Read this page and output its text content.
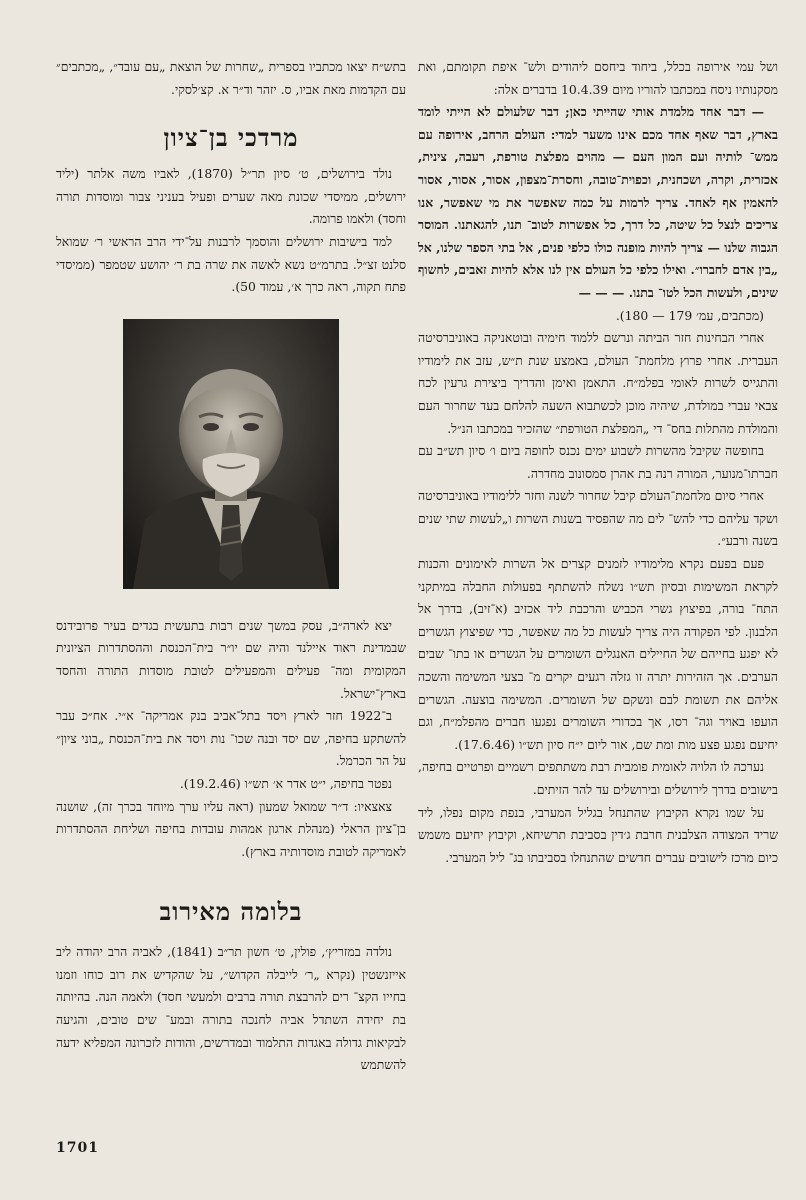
ושל עמי אירופה בכלל, ביחוד ביחסם ליהודים ולש־ איפת תקומתם, ואת מסקנותיו ניסח במכתבו להוריו מיום 10.4.39 בדברים אלה:

— דבר אחד מלמדת אותי שהייתי כאן; דבר שלעולם לא הייתי לומד בארץ, דבר שאף אחד מכם אינו משער למדי: העולם הרחב, אירופה עם ממש־ לותיה ועם המון העם — מהוים מפלצת טורפת, רעבה, צינית, אכזרית, וקרה, ושכחנית, וכפוית־טובה, וחסרת־מצפון, אסור, אסור, אסור להאמין אף לאחד. צריך לרמות על כמה שאפשר את מי שאפשר, אנו צריכים לנצל כל שיטה, כל דרך, כל אפשרות לטוב־ תנו, להגאתנו. המוסר הגבוה שלנו — צריך להיות מופנה כולו כלפי פנים, אל בתי הספר שלנו, אל „בין אדם לחברו״. ואילו כלפי כל העולם אין לנו אלא להיות זאבים, לחשוף שינים, ולעשות הכל לטו־ בתנו. — — —

(מכתבים, עמ׳ 179 — 180).

אחרי הבחינות חזר הביתה ונרשם ללמוד חימיה ובוטאניקה באוניברסיטה העברית. אחרי פרוץ מלחמת־ העולם, באמצע שנת ת״ש, עזב את לימודיו והתגייס לשרות לאומי בפלמ״ח. התאמן ואימן והדריך ביצירת גרעין לכח צבאי עברי במולדת, שיהיה מוכן לכשתבוא השעה להלחם בעד שחרור העם והמולדת מהתלות בחס־ די „המפלצת הטורפת״ שהזכיר במכתבו הנ״ל.

בחופשה שקיבל מהשרות לשבוע ימים נכנס לחופה ביום ו׳ סיון תש״ב עם חברתו־מנוער, המורה רנה בת אהרן סמסונוב מחדרה.

אחרי סיום מלחמת־העולם קיבל שחרור לשנה וחזר ללימודיו באוניברסיטה ושקד עליהם כדי להש־ לים מה שהפסיד בשנות השרות ו„לעשות שתי שנים בשנה ורבע״.

פעם בפעם נקרא מלימודיו לזמנים קצרים אל השרות לאימונים והכנות לקראת המשימות ובסיון תש״ו נשלח להשתתף בפעולות החבלה במיתקני התח־ בורה, בפיצוץ גשרי הכביש והרכבת ליד אכזיב (א־זיב), בדרך אל הלבנון. לפי הפקודה היה צריך לעשות כל מה שאפשר, כדי שפיצוץ הגשרים לא יפגע בחייהם של החיילים האנגלים השומרים על הגשרים או בתו־ שבים הערבים. אך הזהירות יתרה זו גזלה רגעים יקרים מ־ בצעי המשימה והשכה אליהם את תשומת לבם ונשקם של השומרים. המשימה בוצעה. הגשרים הועפו באויר וגה־ רסו, אך בכדורי השומרים נפגעו חברים מהפלמ״ח, וגם יחיעם נפגע פצע מות ומת שם, אור ליום י״ח סיון תש״ו (17.6.46).

נערכה לו הלויה לאומית פומבית רבת משתתפים רשמיים ופרטיים בחיפה, בישובים בדרך לירושלים ובירושלים עד להר הזיתים.

על שמו נקרא הקיבוץ שהתנחל בגליל המערבי, בנפת מקום נפלו, ליד שריד המצודה הצלבנית חרבת ג׳דין בסביבת תרשיחא, וקיבוץ יחיעם משמש כיום מרכז לישובים עברים חדשים שהתנחלו בסביבתו בג־ ליל המערבי.

בתש״ח יצאו מכתביו בספרית „שחרות של הוצאת „עם עובד״, „מכתבים״ עם הקדמות מאת אביו, ס. יזהר וד״ר א. קצ׳לסקי.

מרדכי בן־ציון

נולד בירושלים, ט׳ סיון תר״ל (1870), לאביו משה אלתר (יליד ירושלים, ממיסדי שכונת מאה שערים ופעיל בעניני צבור ומוסדות תורה וחסד) ולאמו פרומה.

למד בישיבות ירושלים והוסמך לרבנות על־ידי הרב הראשי ר׳ שמואל סלנט זצ״ל. בתרמ״ט נשא לאשה את שרה בת ר׳ יהושע שטמפר (ממיסדי פתח תקוה, ראה כרך א׳, עמוד 50).

יצא לארה״ב, עסק במשך שנים רבות בתעשית בגדים בעיר פרובידנס שבמדינת ראוד איילנד והיה שם יו״ר בית־הכנסת וההסתדרות הציונית המקומית ומה־ פעילים והמפעילים לטובת מוסדות התורה והחסד בארץ־ישראל.

ב־1922 חזר לארץ ויסד בתל־אביב בנק אמריקה־ א״י. אח״כ עבר להשתקע בחיפה, שם יסד ובנה שכו־ נות ויסד את בית־הכנסת „בוני ציון״ על הר הכרמל.

נפטר בחיפה, י״ט אדר א׳ תש״ו (19.2.46).

צאצאיו: ד״ר שמואל שמעון (ראה עליו ערך מיוחד בכרך זה), שושנה בן־ציון הראלי (מנהלת ארגון אמהות עובדות בחיפה ושליחת ההסתדרות לאמריקה לטובת מוסדותיה בארץ).

בלומה מאירוב

נולדה במזריץ׳, פולין, ט׳ חשון תר״ב (1841), לאביה הרב יהודה ליב אייזנשטין (נקרא „ר׳ לייבלה הקדוש״, על שהקדיש את רוב כוחו וזמנו בחייו הקצ־ רים להרבצת תורה ברבים ולמעשי חסד) ולאמה הנה. בהיותה בת יחידה השתדל אביה לחנכה בתורה ובמע־ שים טובים, והגיעה לבקיאות גדולה באגדות התלמוד ובמדרשים, והודות לזכרונה המפליא ידעה להשתמש

1701
